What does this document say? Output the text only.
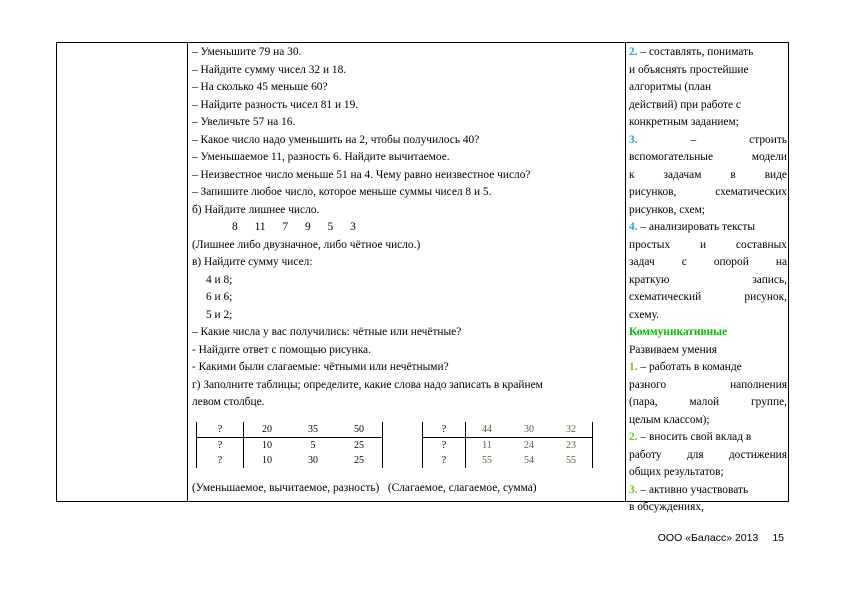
– Уменьшите 79 на 30.
– Найдите сумму чисел 32 и 18.
– На сколько 45 меньше 60?
– Найдите разность чисел 81 и 19.
– Увеличьте 57 на 16.
– Какое число надо уменьшить на 2, чтобы получилось 40?
– Уменьшаемое 11, разность 6. Найдите вычитаемое.
– Неизвестное число меньше 51 на 4. Чему равно неизвестное число?
– Запишите любое число, которое меньше суммы чисел 8 и 5.
б) Найдите лишнее число.
8 11 7 9 5 3
(Лишнее либо двузначное, либо чётное число.)
в) Найдите сумму чисел:
4 и 8;
6 и 6;
5 и 2;
– Какие числа у вас получились: чётные или нечётные?
- Найдите ответ с помощью рисунка.
- Какими были слагаемые: чётными или нечётными?
г) Заполните таблицы; определите, какие слова надо записать в крайнем
левом столбце.
?	20	35	50
?	10	5	25
?	10	30	25
?	44	30	32
?	11	24	23
?	55	54	55
(Уменьшаемое, вычитаемое, разность) (Слагаемое, слагаемое, сумма)
2. – составлять, понимать
и объяснять простейшие
алгоритмы (план
действий) при работе с
конкретным заданием;
3.	– строить
вспомогательные модели
к задачам в виде
рисунков, схематических
рисунков, схем;
4. – анализировать тексты
простых и составных
задач с опорой на
краткую запись,
схематический рисунок,
схему.
Коммуникативные
Развиваем умения
1. – работать в команде
разного наполнения
(пара, малой группе,
целым классом);
2. – вносить свой вклад в
работу для достижения
общих результатов;
3. – активно участвовать
в обсуждениях,
ООО «Баласс» 2013 15
